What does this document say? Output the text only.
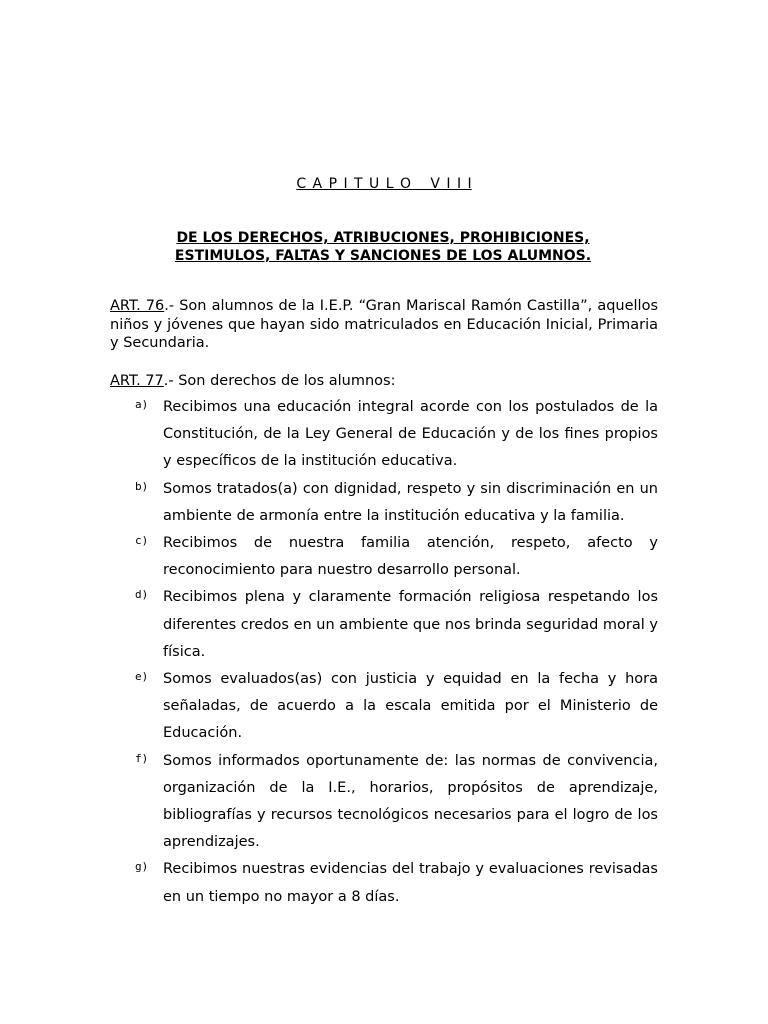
C A P I T U L O   V I I I
DE LOS DERECHOS, ATRIBUCIONES, PROHIBICIONES,
ESTIMULOS, FALTAS Y SANCIONES DE LOS ALUMNOS.
ART. 76.- Son alumnos de la I.E.P. “Gran Mariscal Ramón Castilla”, aquellos niños y jóvenes que hayan sido matriculados en Educación Inicial, Primaria y Secundaria.
ART. 77.- Son derechos de los alumnos:
a) Recibimos una educación integral acorde con los postulados de la Constitución, de la Ley General de Educación y de los fines propios y específicos de la institución educativa.
b) Somos tratados(a) con dignidad, respeto y sin discriminación en un ambiente de armonía entre la institución educativa y la familia.
c) Recibimos de nuestra familia atención, respeto, afecto y reconocimiento para nuestro desarrollo personal.
d) Recibimos plena y claramente formación religiosa respetando los diferentes credos en un ambiente que nos brinda seguridad moral y física.
e) Somos evaluados(as) con justicia y equidad en la fecha y hora señaladas, de acuerdo a la escala emitida por el Ministerio de Educación.
f) Somos informados oportunamente de: las normas de convivencia, organización de la I.E., horarios, propósitos de aprendizaje, bibliografías y recursos tecnológicos necesarios para el logro de los aprendizajes.
g) Recibimos nuestras evidencias del trabajo y evaluaciones revisadas en un tiempo no mayor a 8 días.
